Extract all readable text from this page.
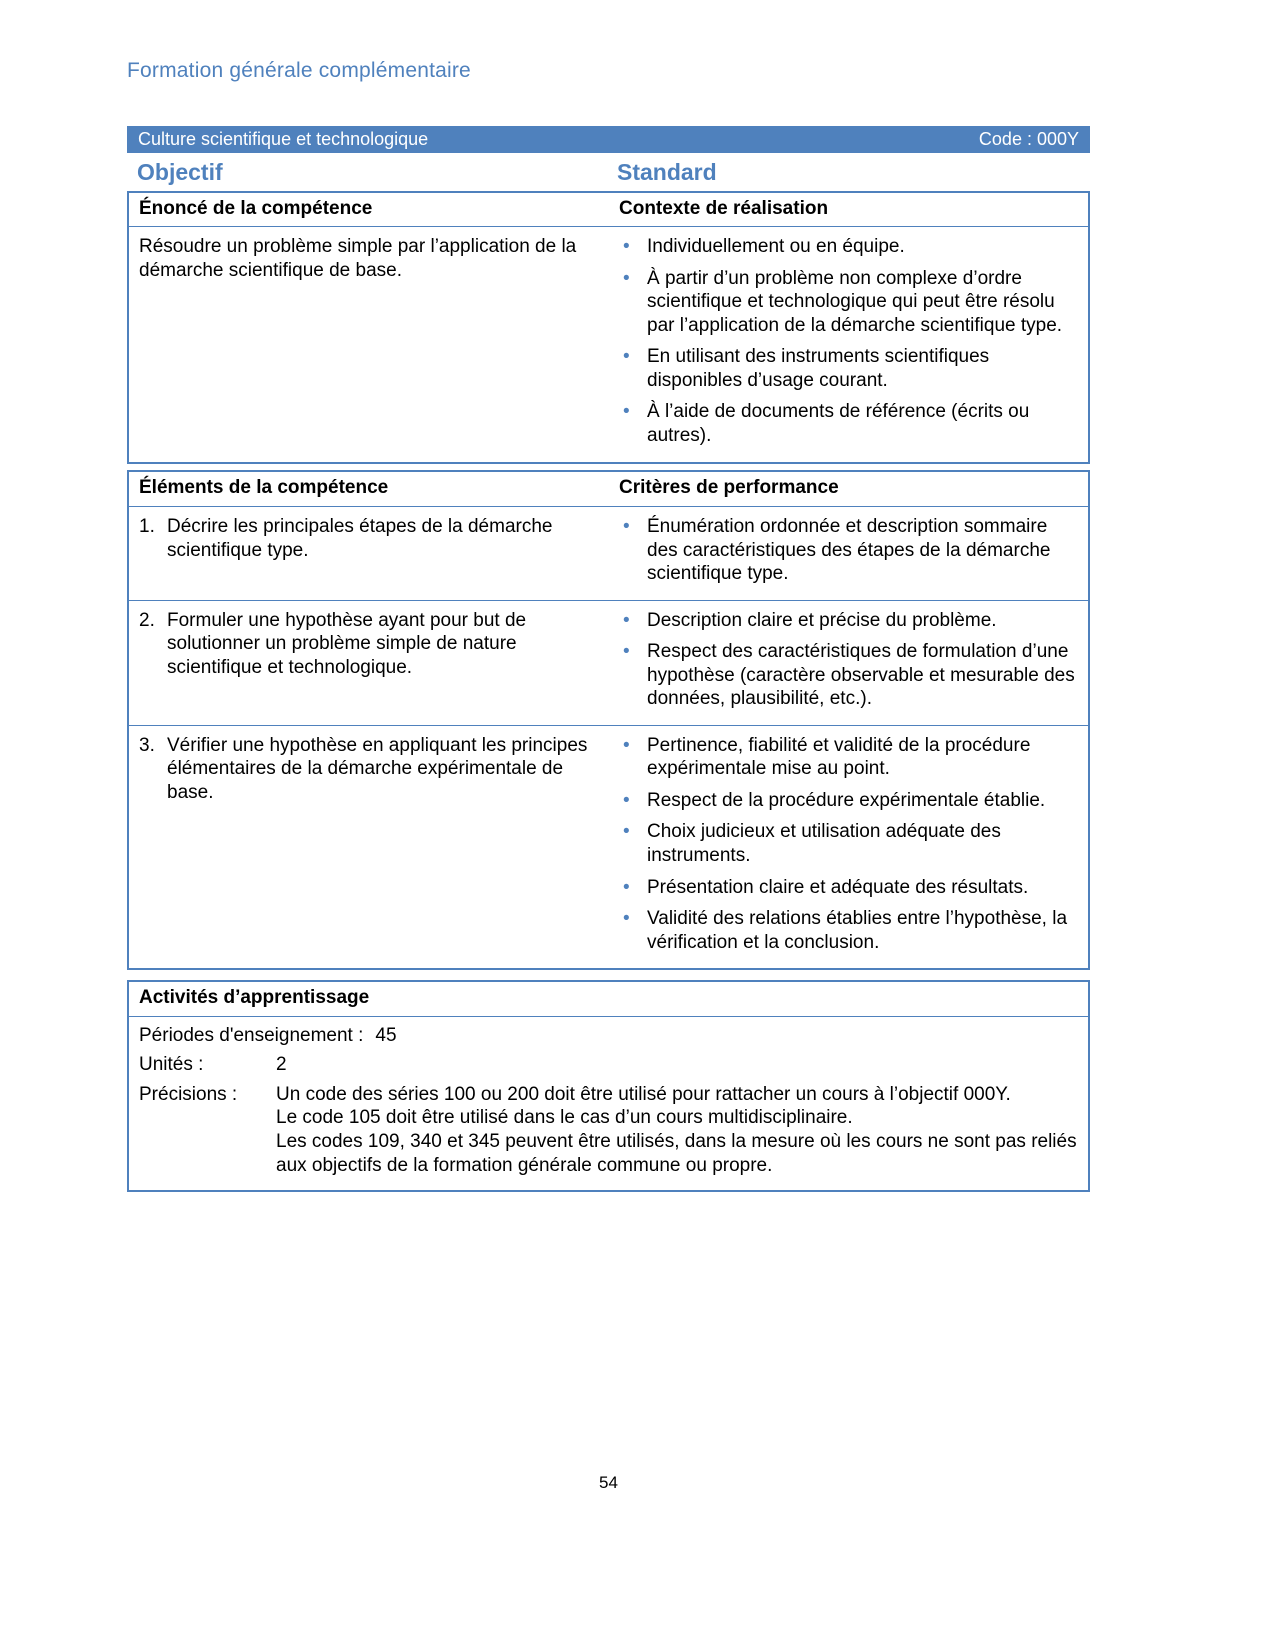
Formation générale complémentaire
Culture scientifique et technologique	Code : 000Y
Objectif	Standard
Énoncé de la compétence	Contexte de réalisation
Résoudre un problème simple par l’application de la démarche scientifique de base.
• Individuellement ou en équipe.
• À partir d’un problème non complexe d’ordre scientifique et technologique qui peut être résolu par l’application de la démarche scientifique type.
• En utilisant des instruments scientifiques disponibles d’usage courant.
• À l’aide de documents de référence (écrits ou autres).
Éléments de la compétence	Critères de performance
1. Décrire les principales étapes de la démarche scientifique type.
• Énumération ordonnée et description sommaire des caractéristiques des étapes de la démarche scientifique type.
2. Formuler une hypothèse ayant pour but de solutionner un problème simple de nature scientifique et technologique.
• Description claire et précise du problème.
• Respect des caractéristiques de formulation d’une hypothèse (caractère observable et mesurable des données, plausibilité, etc.).
3. Vérifier une hypothèse en appliquant les principes élémentaires de la démarche expérimentale de base.
• Pertinence, fiabilité et validité de la procédure expérimentale mise au point.
• Respect de la procédure expérimentale établie.
• Choix judicieux et utilisation adéquate des instruments.
• Présentation claire et adéquate des résultats.
• Validité des relations établies entre l’hypothèse, la vérification et la conclusion.
Activités d’apprentissage
Périodes d'enseignement : 45
Unités :	2
Précisions :	Un code des séries 100 ou 200 doit être utilisé pour rattacher un cours à l’objectif 000Y.
Le code 105 doit être utilisé dans le cas d’un cours multidisciplinaire.
Les codes 109, 340 et 345 peuvent être utilisés, dans la mesure où les cours ne sont pas reliés aux objectifs de la formation générale commune ou propre.
54
